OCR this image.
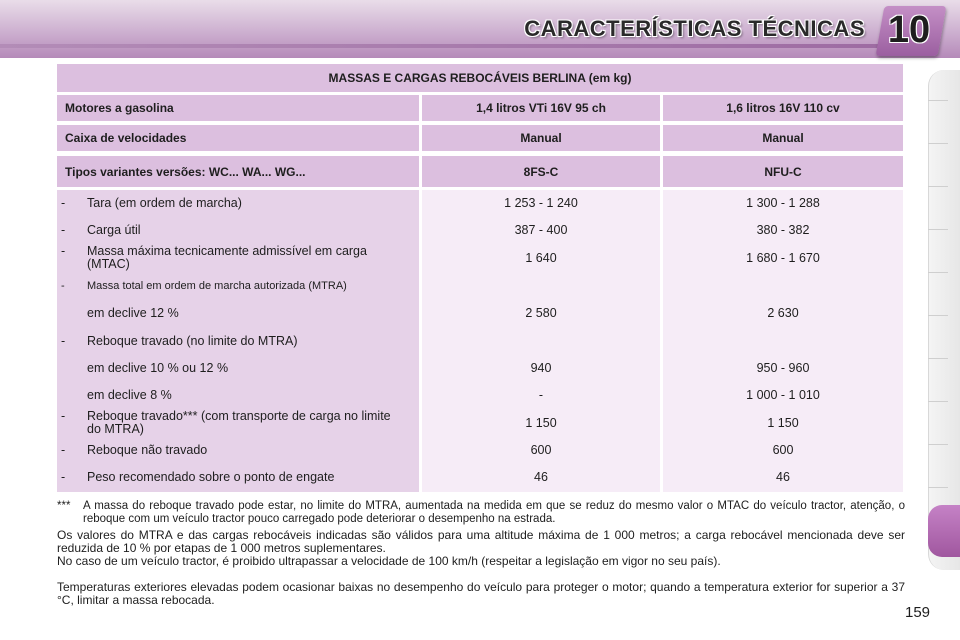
CARACTERÍSTICAS TÉCNICAS 10
MASSAS E CARGAS REBOCÁVEIS BERLINA (em kg)
Motores a gasolina	1,4 litros VTi 16V 95 ch	1,6 litros 16V 110 cv
Caixa de velocidades	Manual	Manual
Tipos variantes versões: WC... WA... WG...	8FS-C	NFU-C
-	Tara (em ordem de marcha)	1 253 - 1 240	1 300 - 1 288
-	Carga útil	387 - 400	380 - 382
-	Massa máxima tecnicamente admissível em carga (MTAC)	1 640	1 680 - 1 670
-	Massa total em ordem de marcha autorizada (MTRA)
em declive 12 %	2 580	2 630
-	Reboque travado (no limite do MTRA)
em declive 10 % ou 12 %	940	950 - 960
em declive 8 %	-	1 000 - 1 010
-	Reboque travado*** (com transporte de carga no limite do MTRA)	1 150	1 150
-	Reboque não travado	600	600
-	Peso recomendado sobre o ponto de engate	46	46
*** A massa do reboque travado pode estar, no limite do MTRA, aumentada na medida em que se reduz do mesmo valor o MTAC do veículo tractor, atenção, o reboque com um veículo tractor pouco carregado pode deteriorar o desempenho na estrada.
Os valores do MTRA e das cargas rebocáveis indicadas são válidos para uma altitude máxima de 1 000 metros; a carga rebocável mencionada deve ser reduzida de 10 % por etapas de 1 000 metros suplementares.
No caso de um veículo tractor, é proibido ultrapassar a velocidade de 100 km/h (respeitar a legislação em vigor no seu país).
Temperaturas exteriores elevadas podem ocasionar baixas no desempenho do veículo para proteger o motor; quando a temperatura exterior for superior a 37 °C, limitar a massa rebocada.
159
